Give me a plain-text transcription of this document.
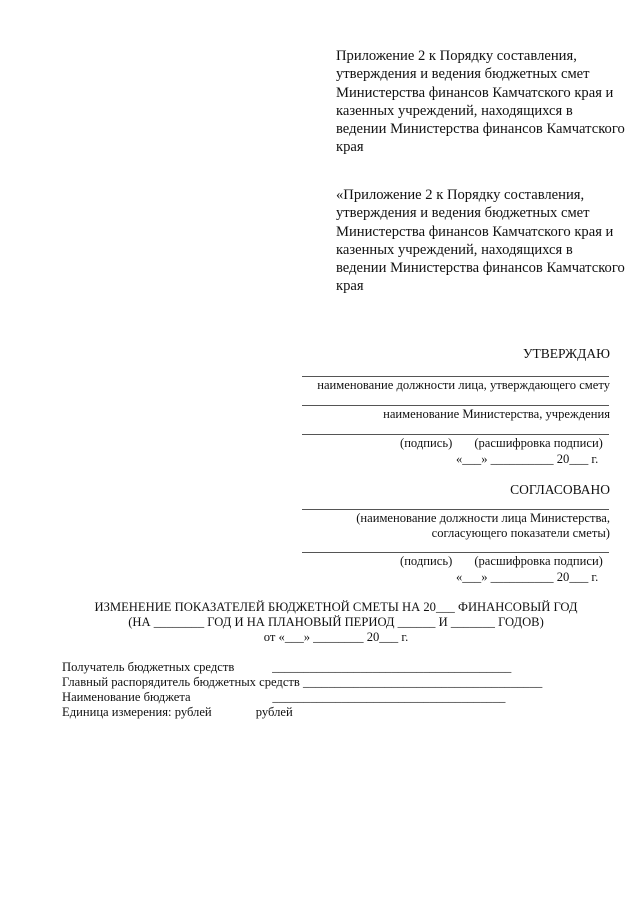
Приложение 2 к Порядку составления, утверждения и ведения бюджетных смет Министерства финансов Камчатского края и казенных учреждений, находящихся в ведении Министерства финансов Камчатского края
«Приложение 2 к Порядку составления, утверждения и ведения бюджетных смет Министерства финансов Камчатского края и казенных учреждений, находящихся в ведении Министерства финансов Камчатского края
УТВЕРЖДАЮ
наименование должности лица, утверждающего смету
наименование Министерства, учреждения
(подпись)       (расшифровка подписи)
«___» __________ 20___ г.
СОГЛАСОВАНО
(наименование должности лица Министерства,
согласующего показатели сметы)
(подпись)       (расшифровка подписи)
«___» __________ 20___ г.
ИЗМЕНЕНИЕ ПОКАЗАТЕЛЕЙ БЮДЖЕТНОЙ СМЕТЫ НА 20___ ФИНАНСОВЫЙ ГОД
(НА ________ ГОД И НА ПЛАНОВЫЙ ПЕРИОД ______ И _______ ГОДОВ)
от «___» ________ 20___ г.
Получатель бюджетных средств            ______________________________________
Главный распорядитель бюджетных средств ______________________________________
Наименование бюджета                          _____________________________________
Единица измерения: рублей              рублей
